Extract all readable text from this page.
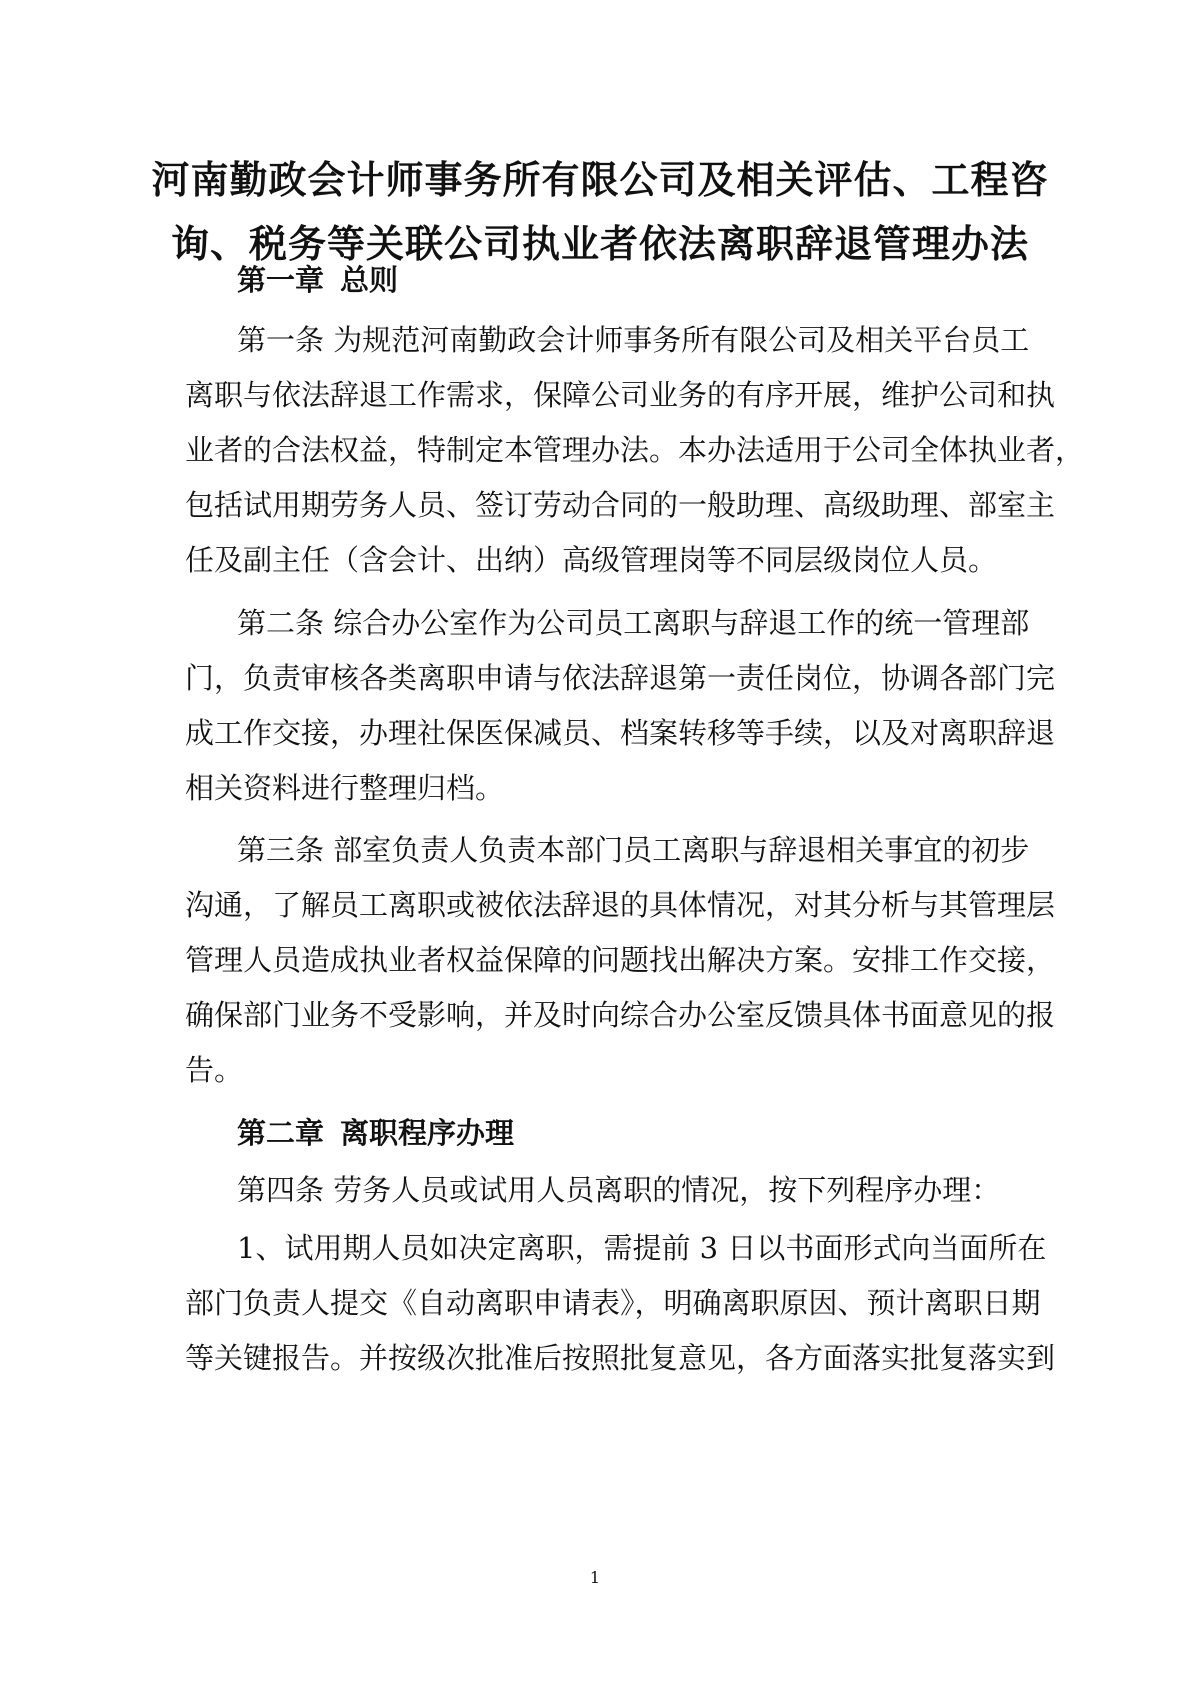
河南勤政会计师事务所有限公司及相关评估、工程咨
询、税务等关联公司执业者依法离职辞退管理办法
第一章 总则
第一条 为规范河南勤政会计师事务所有限公司及相关平台员工
离职与依法辞退工作需求，保障公司业务的有序开展，维护公司和执
业者的合法权益，特制定本管理办法。本办法适用于公司全体执业者，
包括试用期劳务人员、签订劳动合同的一般助理、高级助理、部室主
任及副主任（含会计、出纳）高级管理岗等不同层级岗位人员。
第二条 综合办公室作为公司员工离职与辞退工作的统一管理部
门，负责审核各类离职申请与依法辞退第一责任岗位，协调各部门完
成工作交接，办理社保医保减员、档案转移等手续，以及对离职辞退
相关资料进行整理归档。
第三条 部室负责人负责本部门员工离职与辞退相关事宜的初步
沟通，了解员工离职或被依法辞退的具体情况，对其分析与其管理层
管理人员造成执业者权益保障的问题找出解决方案。安排工作交接，
确保部门业务不受影响，并及时向综合办公室反馈具体书面意见的报
告。
第二章 离职程序办理
第四条 劳务人员或试用人员离职的情况，按下列程序办理：
1、试用期人员如决定离职，需提前 3 日以书面形式向当面所在
部门负责人提交《自动离职申请表》，明确离职原因、预计离职日期
等关键报告。并按级次批准后按照批复意见，各方面落实批复落实到
1
